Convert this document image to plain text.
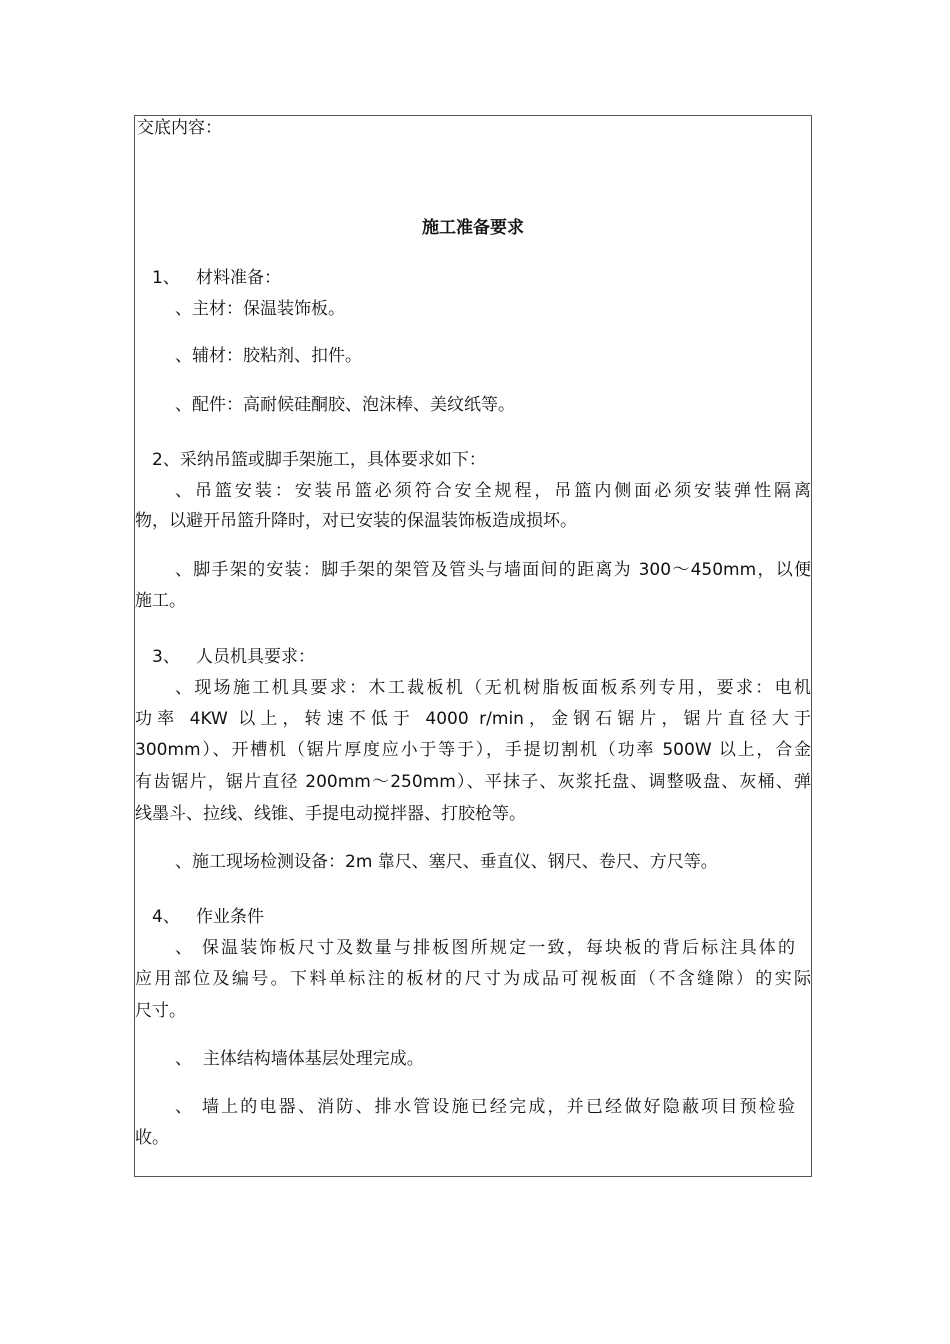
交底内容：
施工准备要求
1、   材料准备：
、主材：保温装饰板。
、辅材：胶粘剂、扣件。
、配件：高耐候硅酮胶、泡沫棒、美纹纸等。
2、采纳吊篮或脚手架施工，具体要求如下：
、吊篮安装：安装吊篮必须符合安全规程，吊篮内侧面必须安装弹性隔离
物，以避开吊篮升降时，对已安装的保温装饰板造成损坏。
、脚手架的安装：脚手架的架管及管头与墙面间的距离为 300～450mm，以便
施工。
3、   人员机具要求：
、现场施工机具要求：木工裁板机（无机树脂板面板系列专用，要求：电机
功率 4KW 以上，转速不低于 4000 r/min，金钢石锯片，锯片直径大于
300mm）、开槽机（锯片厚度应小于等于），手提切割机（功率 500W 以上，合金
有齿锯片，锯片直径 200mm～250mm）、平抹子、灰浆托盘、调整吸盘、灰桶、弹
线墨斗、拉线、线锥、手提电动搅拌器、打胶枪等。
、施工现场检测设备：2m 靠尺、塞尺、垂直仪、钢尺、卷尺、方尺等。
4、   作业条件
、 保温装饰板尺寸及数量与排板图所规定一致，每块板的背后标注具体的
应用部位及编号。下料单标注的板材的尺寸为成品可视板面（不含缝隙）的实际
尺寸。
、  主体结构墙体基层处理完成。
、 墙上的电器、消防、排水管设施已经完成，并已经做好隐蔽项目预检验
收。
